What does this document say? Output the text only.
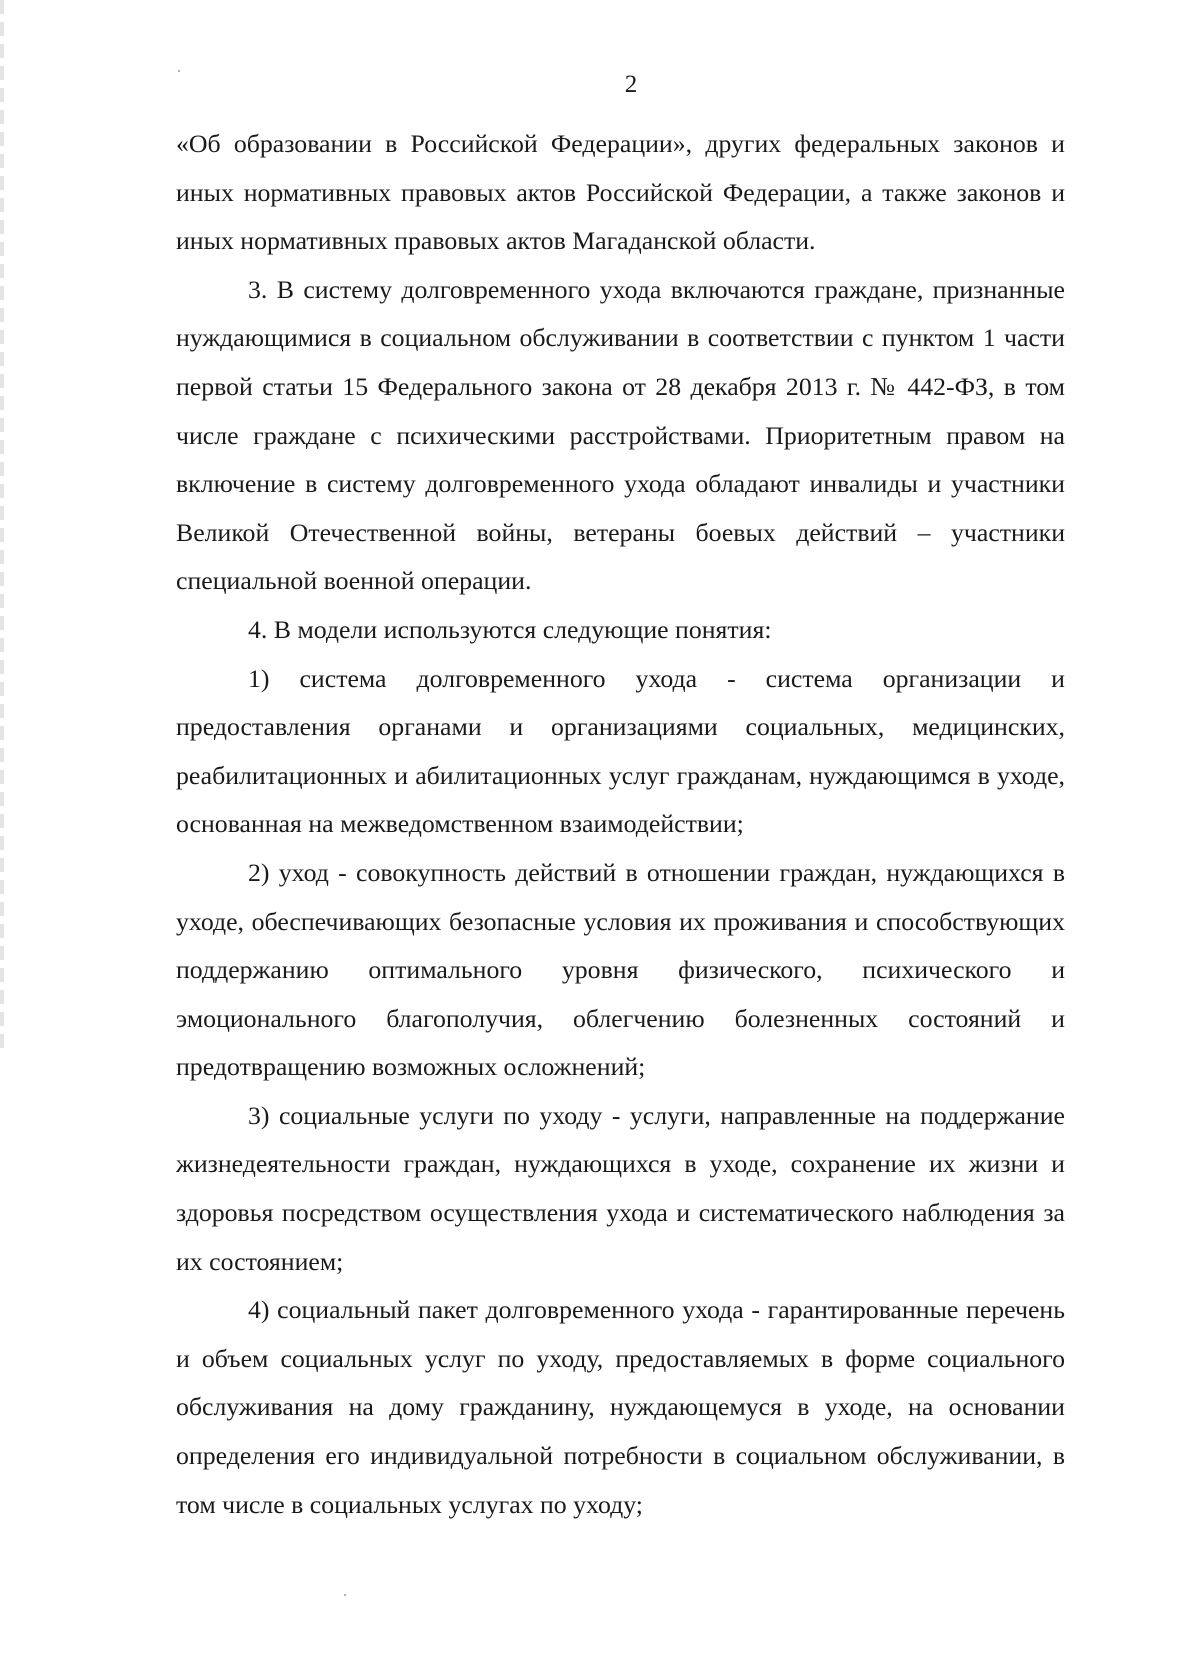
2

«Об образовании в Российской Федерации», других федеральных законов и иных нормативных правовых актов Российской Федерации, а также законов и иных нормативных правовых актов Магаданской области.

3. В систему долговременного ухода включаются граждане, признанные нуждающимися в социальном обслуживании в соответствии с пунктом 1 части первой статьи 15 Федерального закона от 28 декабря 2013 г. № 442-ФЗ, в том числе граждане с психическими расстройствами. Приоритетным правом на включение в систему долговременного ухода обладают инвалиды и участники Великой Отечественной войны, ветераны боевых действий – участники специальной военной операции.

4. В модели используются следующие понятия:

1) система долговременного ухода - система организации и предоставления органами и организациями социальных, медицинских, реабилитационных и абилитационных услуг гражданам, нуждающимся в уходе, основанная на межведомственном взаимодействии;

2) уход - совокупность действий в отношении граждан, нуждающихся в уходе, обеспечивающих безопасные условия их проживания и способствующих поддержанию оптимального уровня физического, психического и эмоционального благополучия, облегчению болезненных состояний и предотвращению возможных осложнений;

3) социальные услуги по уходу - услуги, направленные на поддержание жизнедеятельности граждан, нуждающихся в уходе, сохранение их жизни и здоровья посредством осуществления ухода и систематического наблюдения за их состоянием;

4) социальный пакет долговременного ухода - гарантированные перечень и объем социальных услуг по уходу, предоставляемых в форме социального обслуживания на дому гражданину, нуждающемуся в уходе, на основании определения его индивидуальной потребности в социальном обслуживании, в том числе в социальных услугах по уходу;
